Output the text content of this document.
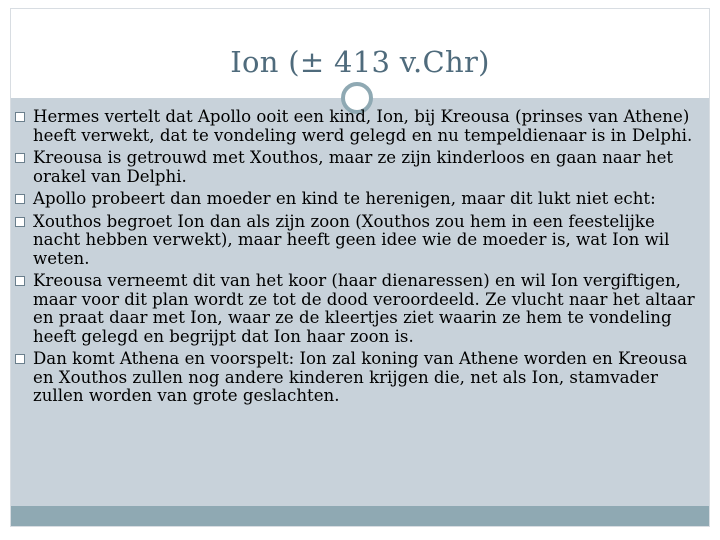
Ion (± 413 v.Chr)
Hermes vertelt dat Apollo ooit een kind, Ion, bij Kreousa (prinses van Athene) heeft verwekt, dat te vondeling werd gelegd en nu tempeldienaar is in Delphi.
Kreousa is getrouwd met Xouthos, maar ze zijn kinderloos en gaan naar het orakel van Delphi.
Apollo probeert dan moeder en kind te herenigen, maar dit lukt niet echt:
Xouthos begroet Ion dan als zijn zoon (Xouthos zou hem in een feestelijke nacht hebben verwekt), maar heeft geen idee wie de moeder is, wat Ion wil weten.
Kreousa verneemt dit van het koor (haar dienaressen) en wil Ion vergiftigen, maar voor dit plan wordt ze tot de dood veroordeeld. Ze vlucht naar het altaar en praat daar met Ion, waar ze de kleertjes ziet waarin ze hem te vondeling heeft gelegd en begrijpt dat Ion haar zoon is.
Dan komt Athena en voorspelt: Ion zal koning van Athene worden en Kreousa en Xouthos zullen nog andere kinderen krijgen die, net als Ion, stamvader zullen worden van grote geslachten.
